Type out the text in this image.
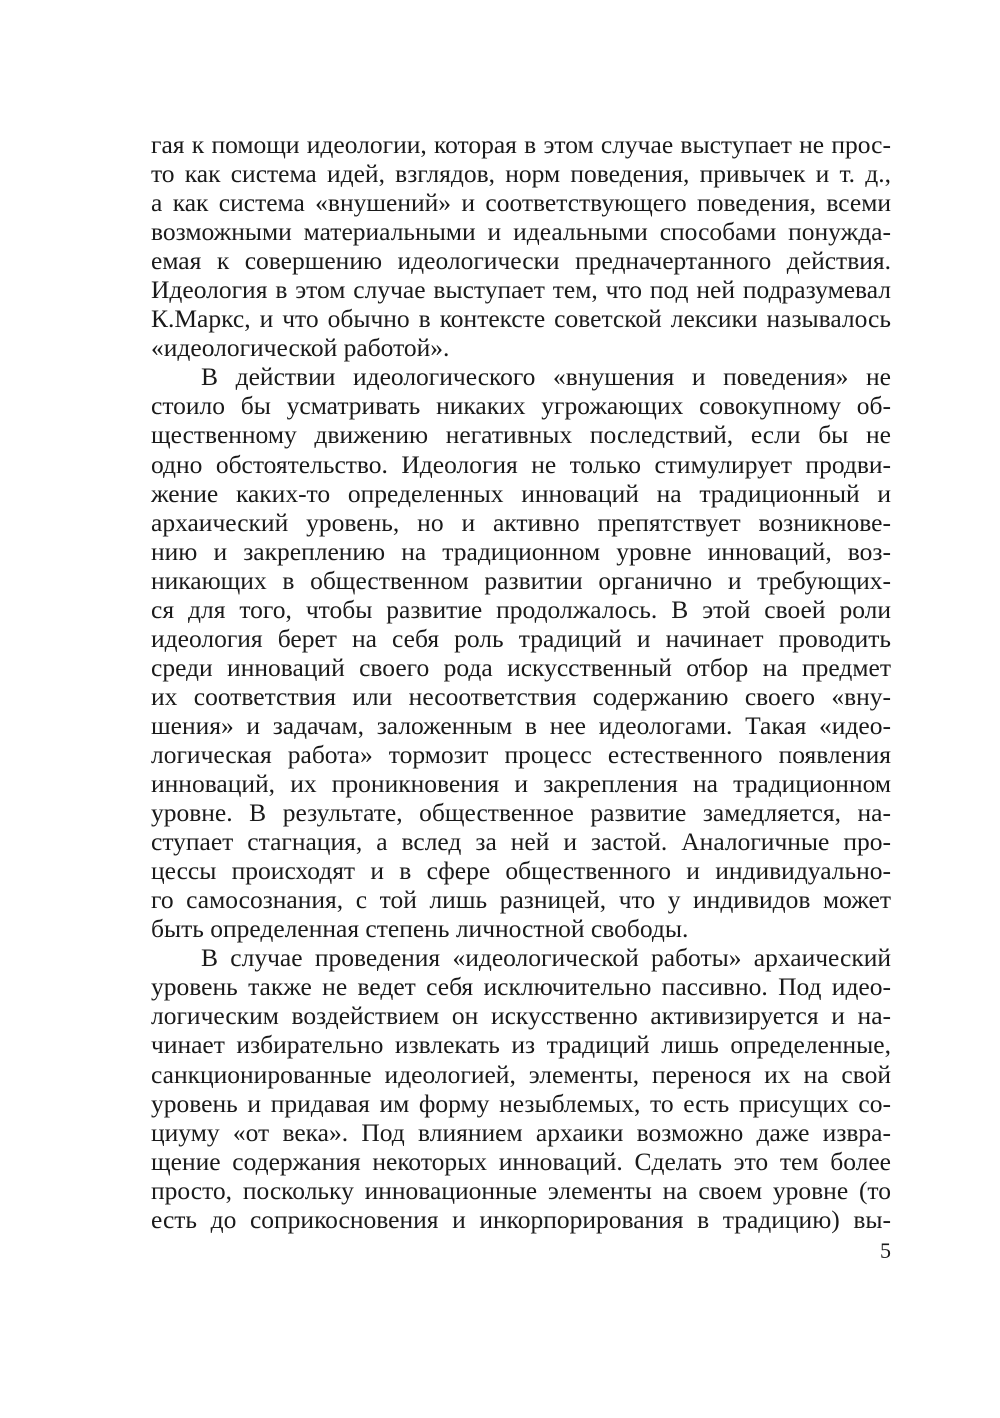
гая к помощи идеологии, которая в этом случае выступает не прос-
то как система идей, взглядов, норм поведения, привычек и т. д.,
а как система «внушений» и соответствующего поведения, всеми
возможными материальными и идеальными способами понужда-
емая к совершению идеологически предначертанного действия.
Идеология в этом случае выступает тем, что под ней подразумевал
К.Маркс, и что обычно в контексте советской лексики называлось
«идеологической работой».
В действии идеологического «внушения и поведения» не
стоило бы усматривать никаких угрожающих совокупному об-
щественному движению негативных последствий, если бы не
одно обстоятельство. Идеология не только стимулирует продви-
жение каких-то определенных инноваций на традиционный и
архаический уровень, но и активно препятствует возникнове-
нию и закреплению на традиционном уровне инноваций, воз-
никающих в общественном развитии органично и требующих-
ся для того, чтобы развитие продолжалось. В этой своей роли
идеология берет на себя роль традиций и начинает проводить
среди инноваций своего рода искусственный отбор на предмет
их соответствия или несоответствия содержанию своего «вну-
шения» и задачам, заложенным в нее идеологами. Такая «идео-
логическая работа» тормозит процесс естественного появления
инноваций, их проникновения и закрепления на традиционном
уровне. В результате, общественное развитие замедляется, на-
ступает стагнация, а вслед за ней и застой. Аналогичные про-
цессы происходят и в сфере общественного и индивидуально-
го самосознания, с той лишь разницей, что у индивидов может
быть определенная степень личностной свободы.
В случае проведения «идеологической работы» архаический
уровень также не ведет себя исключительно пассивно. Под идео-
логическим воздействием он искусственно активизируется и на-
чинает избирательно извлекать из традиций лишь определенные,
санкционированные идеологией, элементы, перенося их на свой
уровень и придавая им форму незыблемых, то есть присущих со-
циуму «от века». Под влиянием архаики возможно даже извра-
щение содержания некоторых инноваций. Сделать это тем более
просто, поскольку инновационные элементы на своем уровне (то
есть до соприкосновения и инкорпорирования в традицию) вы-
5
